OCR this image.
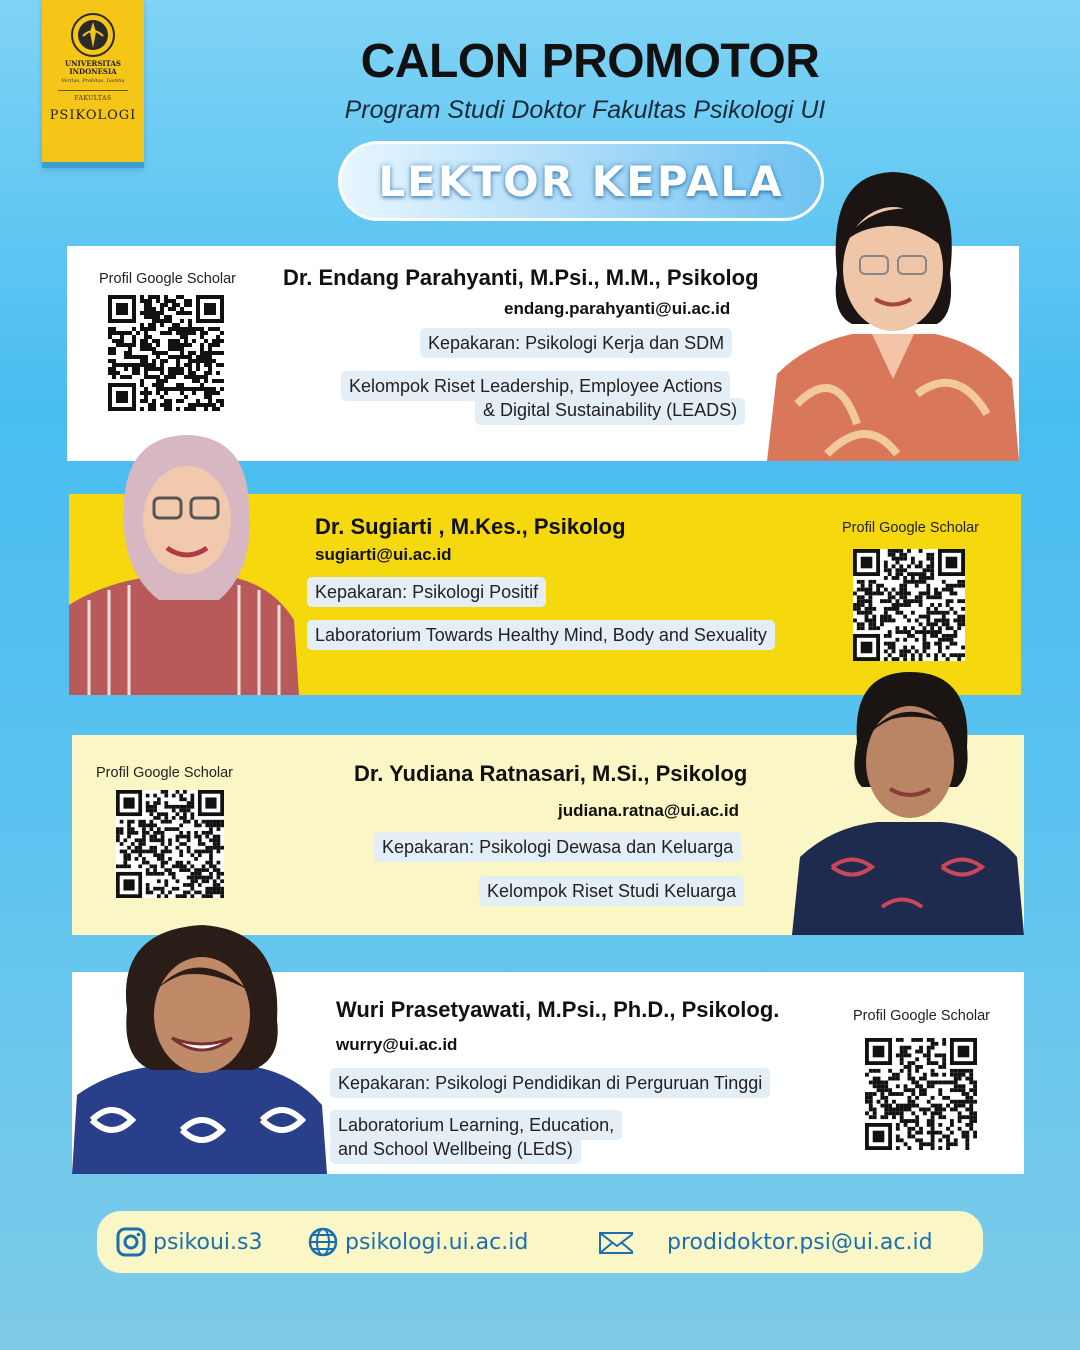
UNIVERSITAS INDONESIA
Veritas, Probitas, Iustitia
FAKULTAS
PSIKOLOGI
CALON PROMOTOR
Program Studi Doktor Fakultas Psikologi UI
LEKTOR KEPALA
Profil Google Scholar Dr. Endang Parahyanti, M.Psi., M.M., Psikolog
endang.parahyanti@ui.ac.id
Kepakaran: Psikologi Kerja dan SDM
Kelompok Riset Leadership, Employee Actions
& Digital Sustainability (LEADS)
Dr. Sugiarti , M.Kes., Psikolog
sugiarti@ui.ac.id
Kepakaran: Psikologi Positif
Laboratorium Towards Healthy Mind, Body and Sexuality
Profil Google Scholar
Profil Google Scholar	Dr. Yudiana Ratnasari, M.Si., Psikolog
judiana.ratna@ui.ac.id
Kepakaran: Psikologi Dewasa dan Keluarga
Kelompok Riset Studi Keluarga
Wuri Prasetyawati, M.Psi., Ph.D., Psikolog.
wurry@ui.ac.id
Kepakaran: Psikologi Pendidikan di Perguruan Tinggi
Laboratorium Learning, Education,
and School Wellbeing (LEdS)
Profil Google Scholar
psikoui.s3	psikologi.ui.ac.id	prodidoktor.psi@ui.ac.id
